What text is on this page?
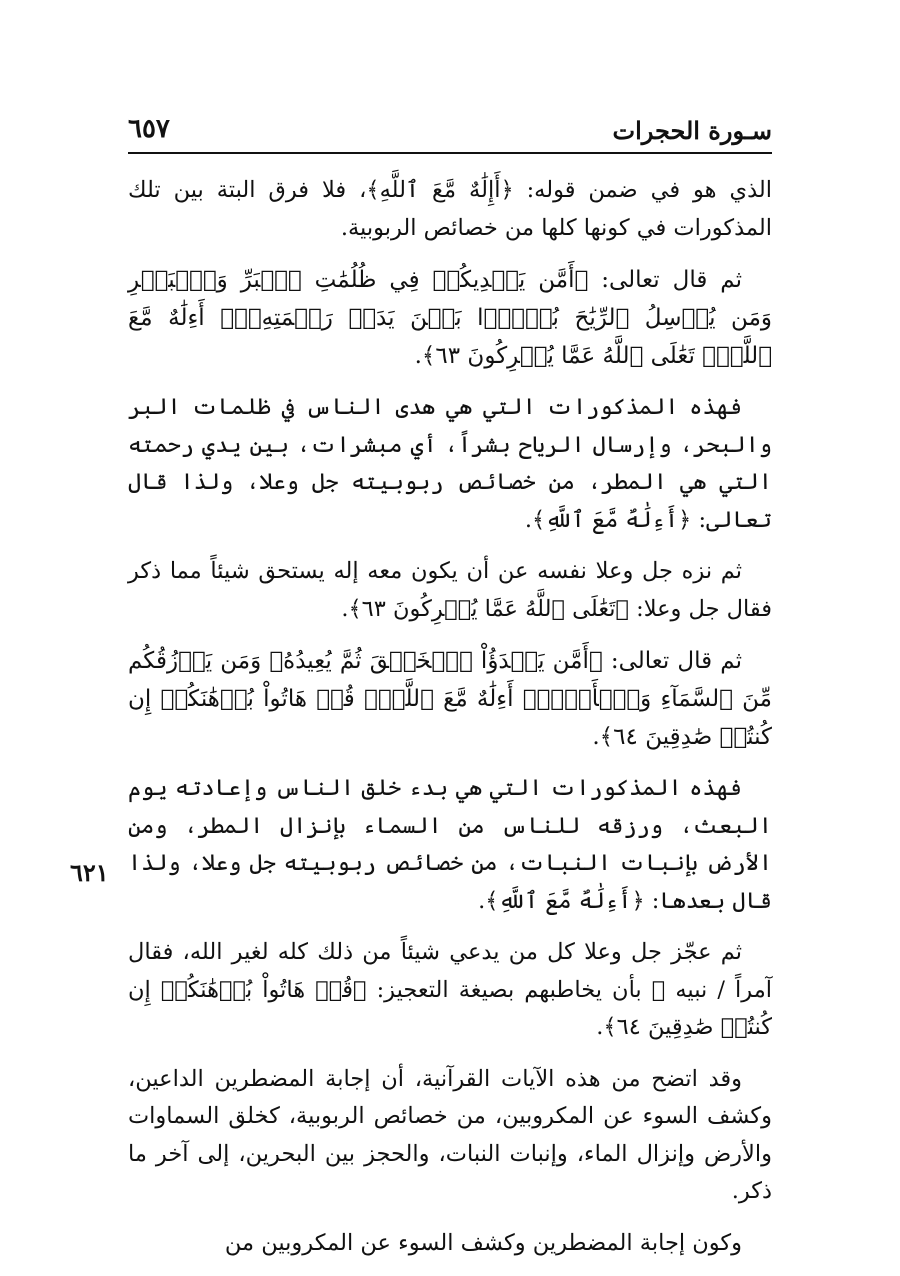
سـورة الحجرات
٦٥٧
٦٢١

الذي هو في ضمن قوله: ﴿أَإِلَٰهٌ مَّعَ ٱللَّهِ﴾، فلا فرق البتة بين تلك المذكورات في كونها كلها من خصائص الربوبية.

ثم قال تعالى: ﴿أَمَّن يَهۡدِيكُمۡ فِي ظُلُمَٰتِ ٱلۡبَرِّ وَٱلۡبَحۡرِ وَمَن يُرۡسِلُ ٱلرِّيَٰحَ بُشۡرَۢا بَيۡنَ يَدَيۡ رَحۡمَتِهِۦٓۗ أَءِلَٰهٌ مَّعَ ٱللَّهِۚ تَعَٰلَى ٱللَّهُ عَمَّا يُشۡرِكُونَ ٦٣﴾.

فهذه المذكورات التي هي هدى الناس في ظلمات البر والبحر، وإرسال الرياح بشراً، أي مبشرات، بين يدي رحمته التي هي المطر، من خصائص ربوبيته جل وعلا، ولذا قال تعالى: ﴿أَءِلَٰهٌ مَّعَ ٱللَّهِ﴾.

ثم نزه جل وعلا نفسه عن أن يكون معه إله يستحق شيئاً مما ذكر فقال جل وعلا: ﴿تَعَٰلَى ٱللَّهُ عَمَّا يُشۡرِكُونَ ٦٣﴾.

ثم قال تعالى: ﴿أَمَّن يَبۡدَؤُاْ ٱلۡخَلۡقَ ثُمَّ يُعِيدُهُۥ وَمَن يَرۡزُقُكُم مِّنَ ٱلسَّمَآءِ وَٱلۡأَرۡضِۗ أَءِلَٰهٌ مَّعَ ٱللَّهِۚ قُلۡ هَاتُواْ بُرۡهَٰنَكُمۡ إِن كُنتُمۡ صَٰدِقِينَ ٦٤﴾.

فهذه المذكورات التي هي بدء خلق الناس وإعادته يوم البعث، ورزقه للناس من السماء بإنزال المطر، ومن الأرض بإنبات النبات، من خصائص ربوبيته جل وعلا، ولذا قال بعدها: ﴿أَءِلَٰهٌ مَّعَ ٱللَّهِ﴾.

ثم عجّز جل وعلا كل من يدعي شيئاً من ذلك كله لغير الله، فقال آمراً / نبيه ﷺ بأن يخاطبهم بصيغة التعجيز: ﴿قُلۡ هَاتُواْ بُرۡهَٰنَكُمۡ إِن كُنتُمۡ صَٰدِقِينَ ٦٤﴾.

وقد اتضح من هذه الآيات القرآنية، أن إجابة المضطرين الداعين، وكشف السوء عن المكروبين، من خصائص الربوبية، كخلق السماوات والأرض وإنزال الماء، وإنبات النبات، والحجز بين البحرين، إلى آخر ما ذكر.

وكون إجابة المضطرين وكشف السوء عن المكروبين من
